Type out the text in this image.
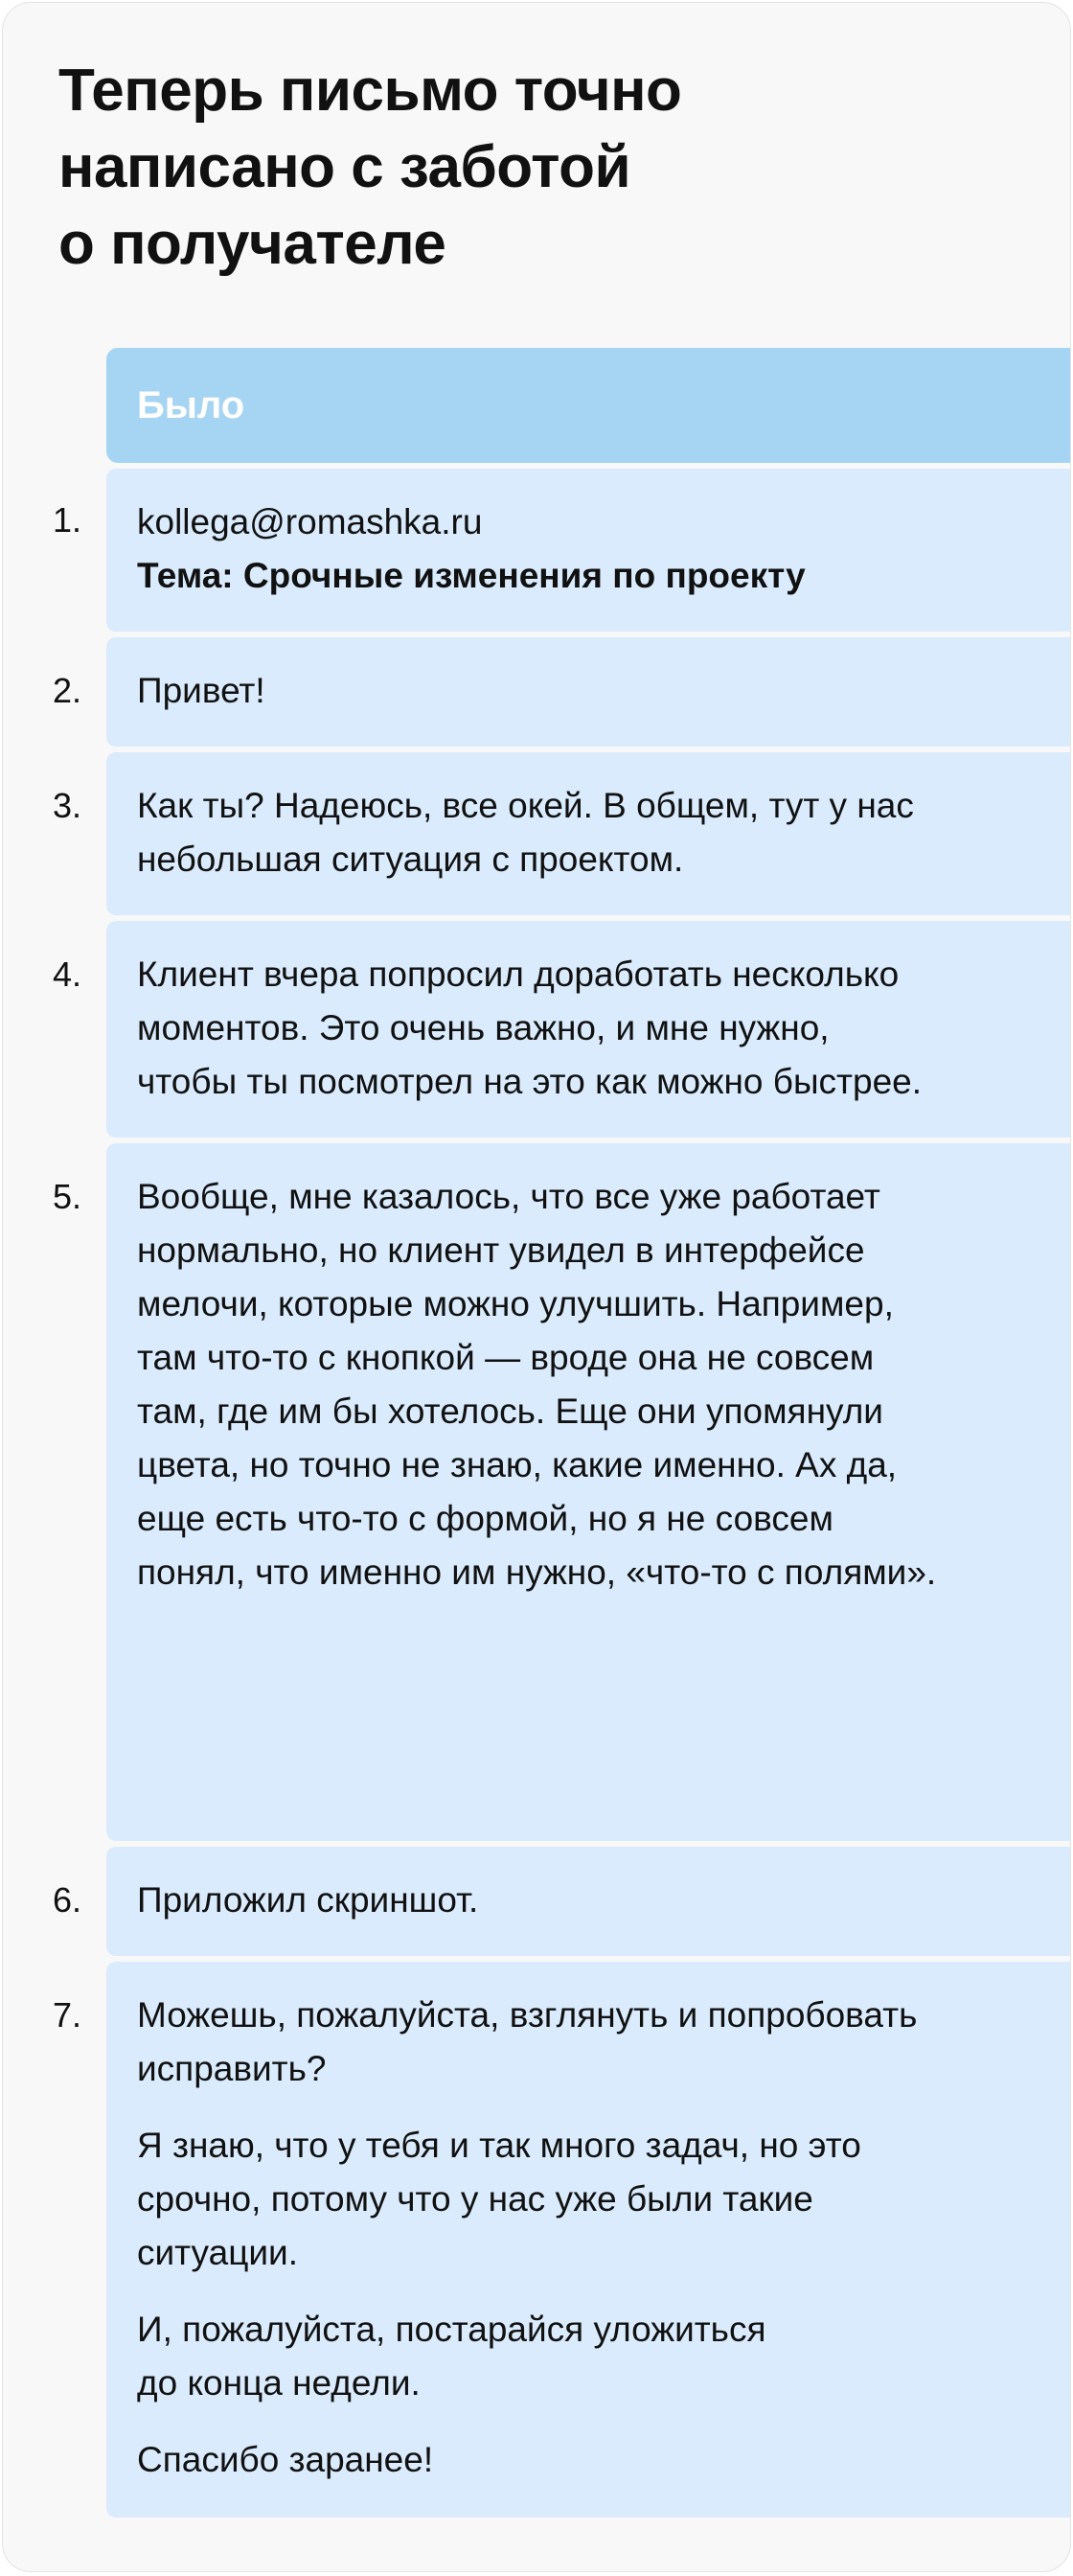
Теперь письмо точно
написано с заботой
о получателе
Было
1. kollega@romashka.ru
Тема: Срочные изменения по проекту
2. Привет!
3. Как ты? Надеюсь, все окей. В общем, тут у нас
небольшая ситуация с проектом.
4. Клиент вчера попросил доработать несколько
моментов. Это очень важно, и мне нужно,
чтобы ты посмотрел на это как можно быстрее.
5. Вообще, мне казалось, что все уже работает
нормально, но клиент увидел в интерфейсе
мелочи, которые можно улучшить. Например,
там что-то с кнопкой — вроде она не совсем
там, где им бы хотелось. Еще они упомянули
цвета, но точно не знаю, какие именно. Ах да,
еще есть что-то с формой, но я не совсем
понял, что именно им нужно, «что-то с полями».
6. Приложил скриншот.
7. Можешь, пожалуйста, взглянуть и попробовать
исправить?

Я знаю, что у тебя и так много задач, но это
срочно, потому что у нас уже были такие
ситуации.

И, пожалуйста, постарайся уложиться
до конца недели.

Спасибо заранее!
